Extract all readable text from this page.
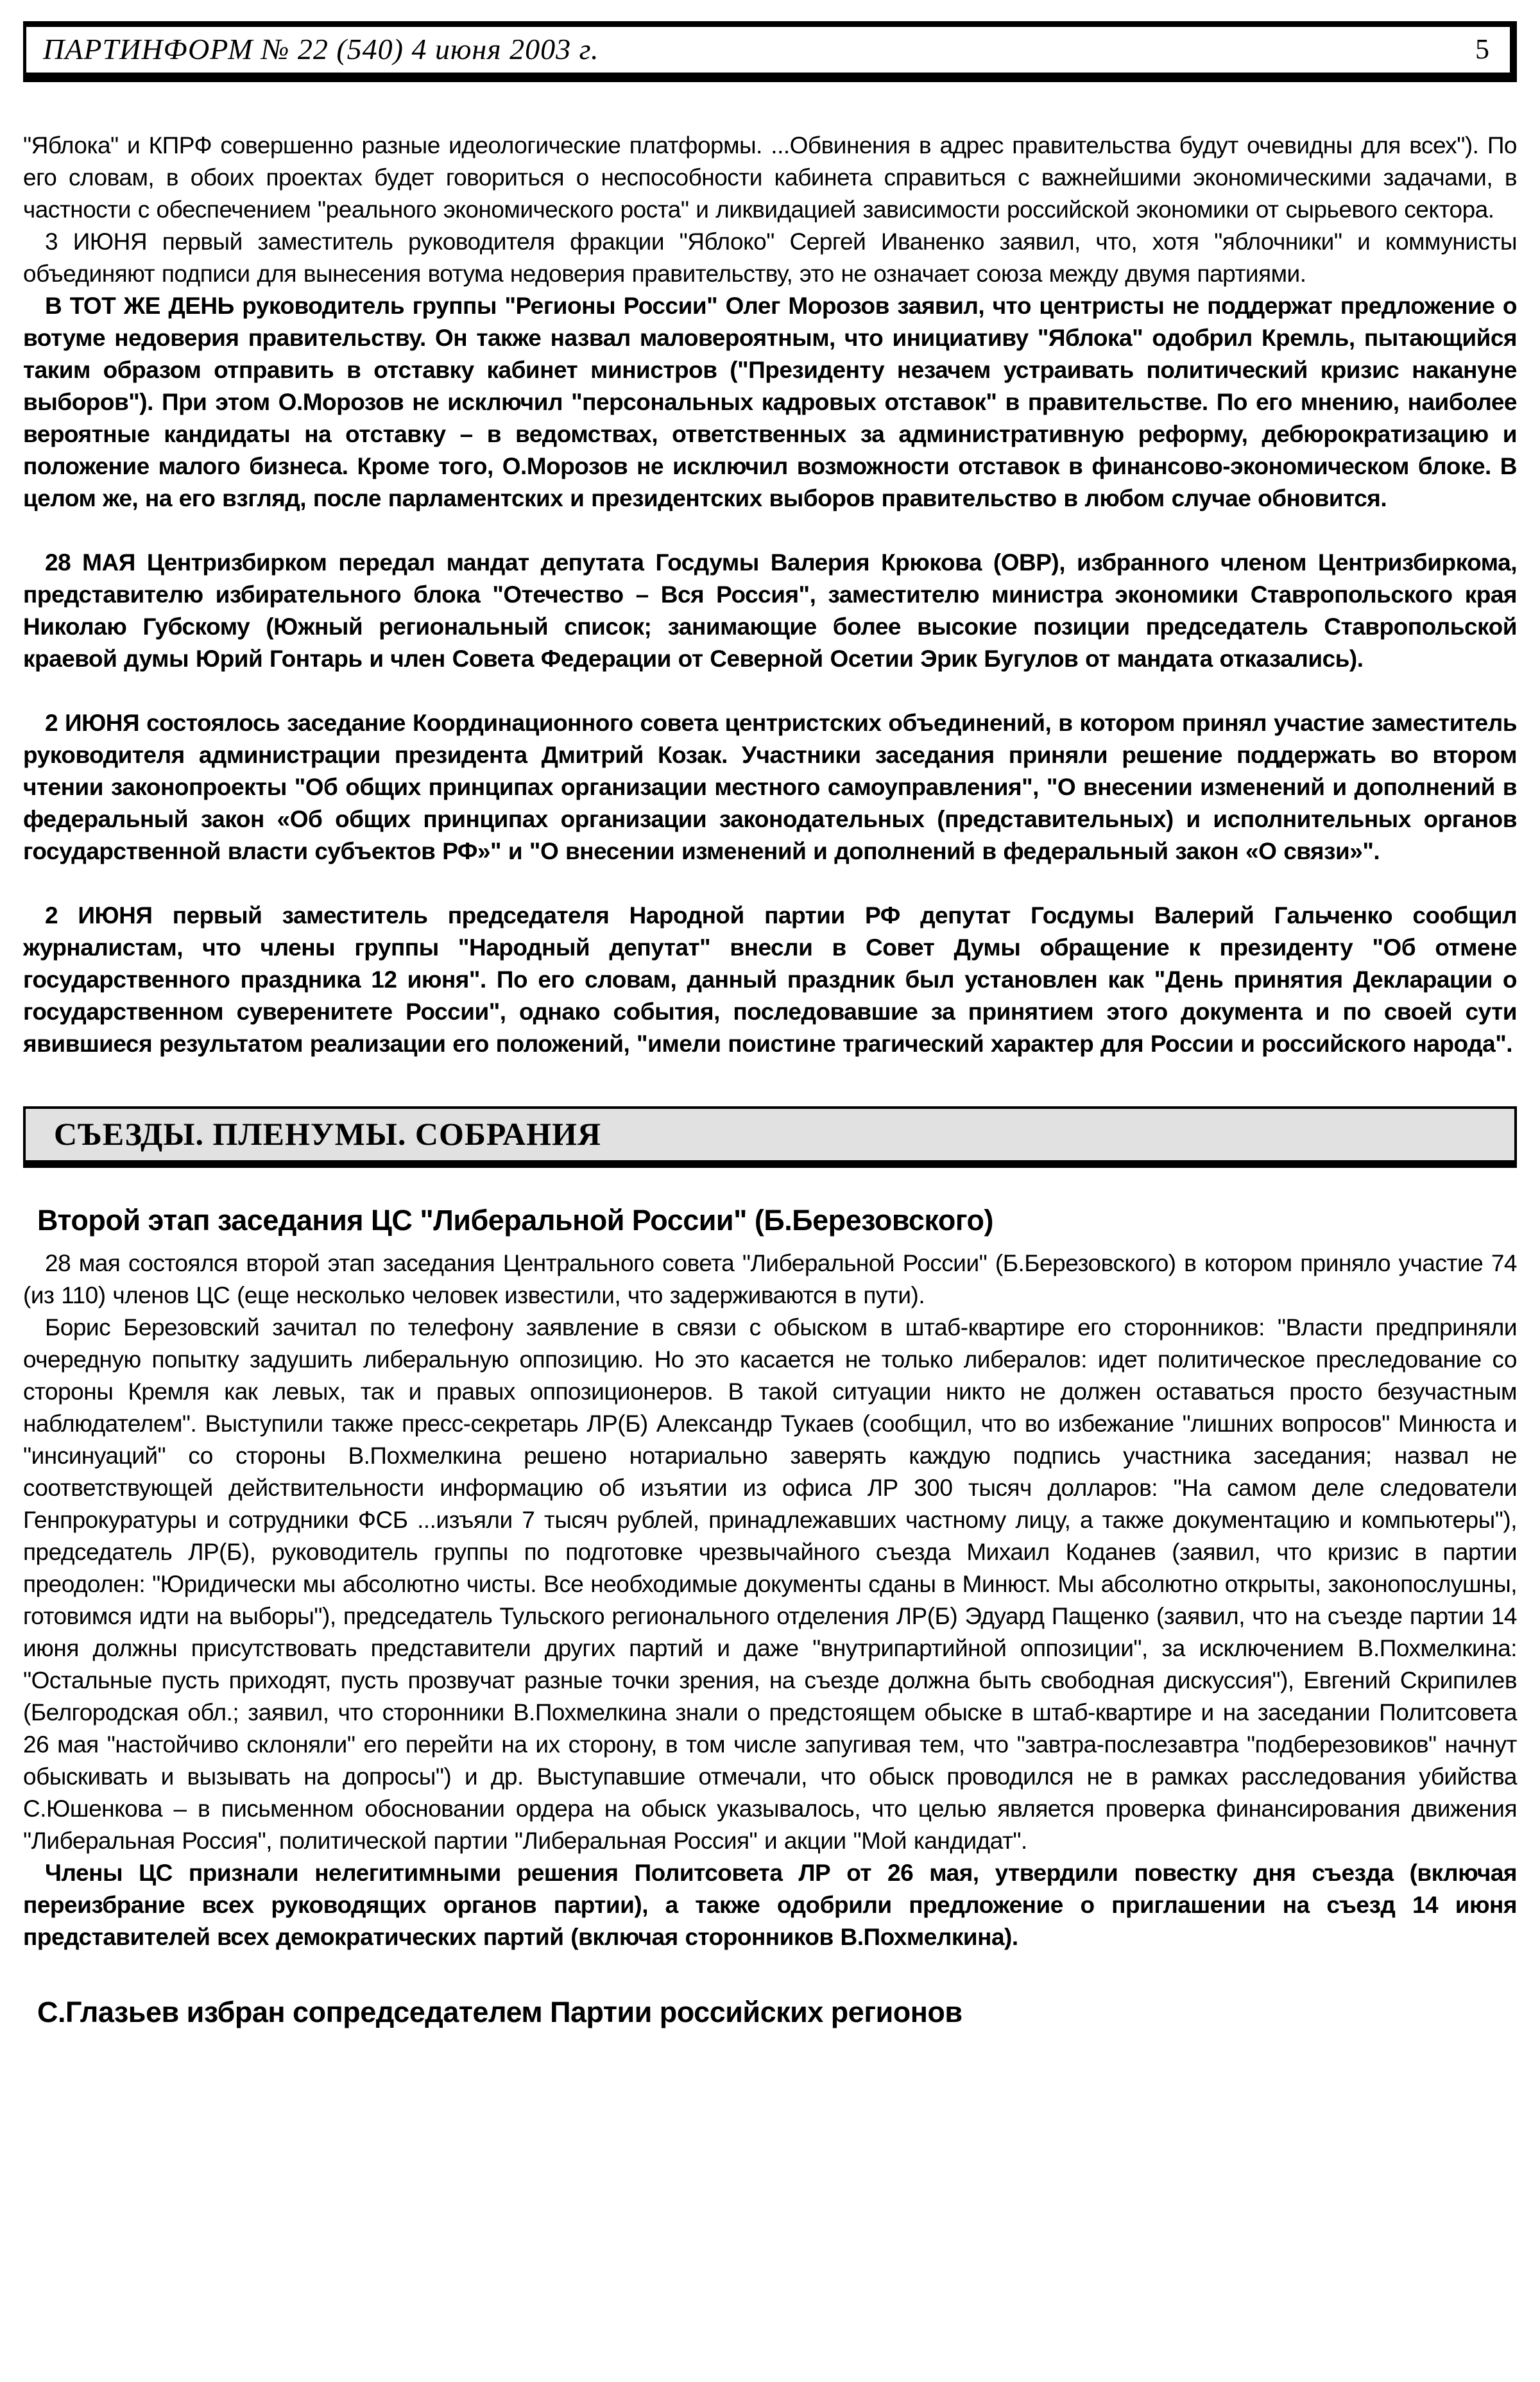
ПАРТИНФОРМ № 22 (540) 4 июня 2003 г.	5

"Яблока" и КПРФ совершенно разные идеологические платформы. ...Обвинения в адрес правительства будут очевидны для всех"). По его словам, в обоих проектах будет говориться о неспособности кабинета справиться с важнейшими экономическими задачами, в частности с обеспечением "реального экономического роста" и ликвидацией зависимости российской экономики от сырьевого сектора.

3 ИЮНЯ первый заместитель руководителя фракции "Яблоко" Сергей Иваненко заявил, что, хотя "яблочники" и коммунисты объединяют подписи для вынесения вотума недоверия правительству, это не означает союза между двумя партиями.

В ТОТ ЖЕ ДЕНЬ руководитель группы "Регионы России" Олег Морозов заявил, что центристы не поддержат предложение о вотуме недоверия правительству. Он также назвал маловероятным, что инициативу "Яблока" одобрил Кремль, пытающийся таким образом отправить в отставку кабинет министров ("Президенту незачем устраивать политический кризис накануне выборов"). При этом О.Морозов не исключил "персональных кадровых отставок" в правительстве. По его мнению, наиболее вероятные кандидаты на отставку – в ведомствах, ответственных за административную реформу, дебюрократизацию и положение малого бизнеса. Кроме того, О.Морозов не исключил возможности отставок в финансово-экономическом блоке. В целом же, на его взгляд, после парламентских и президентских выборов правительство в любом случае обновится.

28 МАЯ Центризбирком передал мандат депутата Госдумы Валерия Крюкова (ОВР), избранного членом Центризбиркома, представителю избирательного блока "Отечество – Вся Россия", заместителю министра экономики Ставропольского края Николаю Губскому (Южный региональный список; занимающие более высокие позиции председатель Ставропольской краевой думы Юрий Гонтарь и член Совета Федерации от Северной Осетии Эрик Бугулов от мандата отказались).

2 ИЮНЯ состоялось заседание Координационного совета центристских объединений, в котором принял участие заместитель руководителя администрации президента Дмитрий Козак. Участники заседания приняли решение поддержать во втором чтении законопроекты "Об общих принципах организации местного самоуправления", "О внесении изменений и дополнений в федеральный закон «Об общих принципах организации законодательных (представительных) и исполнительных органов государственной власти субъектов РФ»" и "О внесении изменений и дополнений в федеральный закон «О связи»".

2 ИЮНЯ первый заместитель председателя Народной партии РФ депутат Госдумы Валерий Гальченко сообщил журналистам, что члены группы "Народный депутат" внесли в Совет Думы обращение к президенту "Об отмене государственного праздника 12 июня". По его словам, данный праздник был установлен как "День принятия Декларации о государственном суверенитете России", однако события, последовавшие за принятием этого документа и по своей сути явившиеся результатом реализации его положений, "имели поистине трагический характер для России и российского народа".

СЪЕЗДЫ. ПЛЕНУМЫ. СОБРАНИЯ
Второй этап заседания ЦС "Либеральной России" (Б.Березовского)

28 мая состоялся второй этап заседания Центрального совета "Либеральной России" (Б.Березовского) в котором приняло участие 74 (из 110) членов ЦС (еще несколько человек известили, что задерживаются в пути).

Борис Березовский зачитал по телефону заявление в связи с обыском в штаб-квартире его сторонников: "Власти предприняли очередную попытку задушить либеральную оппозицию. Но это касается не только либералов: идет политическое преследование со стороны Кремля как левых, так и правых оппозиционеров. В такой ситуации никто не должен оставаться просто безучастным наблюдателем". Выступили также пресс-секретарь ЛР(Б) Александр Тукаев (сообщил, что во избежание "лишних вопросов" Минюста и "инсинуаций" со стороны В.Похмелкина решено нотариально заверять каждую подпись участника заседания; назвал не соответствующей действительности информацию об изъятии из офиса ЛР 300 тысяч долларов: "На самом деле следователи Генпрокуратуры и сотрудники ФСБ ...изъяли 7 тысяч рублей, принадлежавших частному лицу, а также документацию и компьютеры"), председатель ЛР(Б), руководитель группы по подготовке чрезвычайного съезда Михаил Коданев (заявил, что кризис в партии преодолен: "Юридически мы абсолютно чисты. Все необходимые документы сданы в Минюст. Мы абсолютно открыты, законопослушны, готовимся идти на выборы"), председатель Тульского регионального отделения ЛР(Б) Эдуард Пащенко (заявил, что на съезде партии 14 июня должны присутствовать представители других партий и даже "внутрипартийной оппозиции", за исключением В.Похмелкина: "Остальные пусть приходят, пусть прозвучат разные точки зрения, на съезде должна быть свободная дискуссия"), Евгений Скрипилев (Белгородская обл.; заявил, что сторонники В.Похмелкина знали о предстоящем обыске в штаб-квартире и на заседании Политсовета 26 мая "настойчиво склоняли" его перейти на их сторону, в том числе запугивая тем, что "завтра-послезавтра "подберезовиков" начнут обыскивать и вызывать на допросы") и др. Выступавшие отмечали, что обыск проводился не в рамках расследования убийства С.Юшенкова – в письменном обосновании ордера на обыск указывалось, что целью является проверка финансирования движения "Либеральная Россия", политической партии "Либеральная Россия" и акции "Мой кандидат".

Члены ЦС признали нелегитимными решения Политсовета ЛР от 26 мая, утвердили повестку дня съезда (включая переизбрание всех руководящих органов партии), а также одобрили предложение о приглашении на съезд 14 июня представителей всех демократических партий (включая сторонников В.Похмелкина).

С.Глазьев избран сопредседателем Партии российских регионов
